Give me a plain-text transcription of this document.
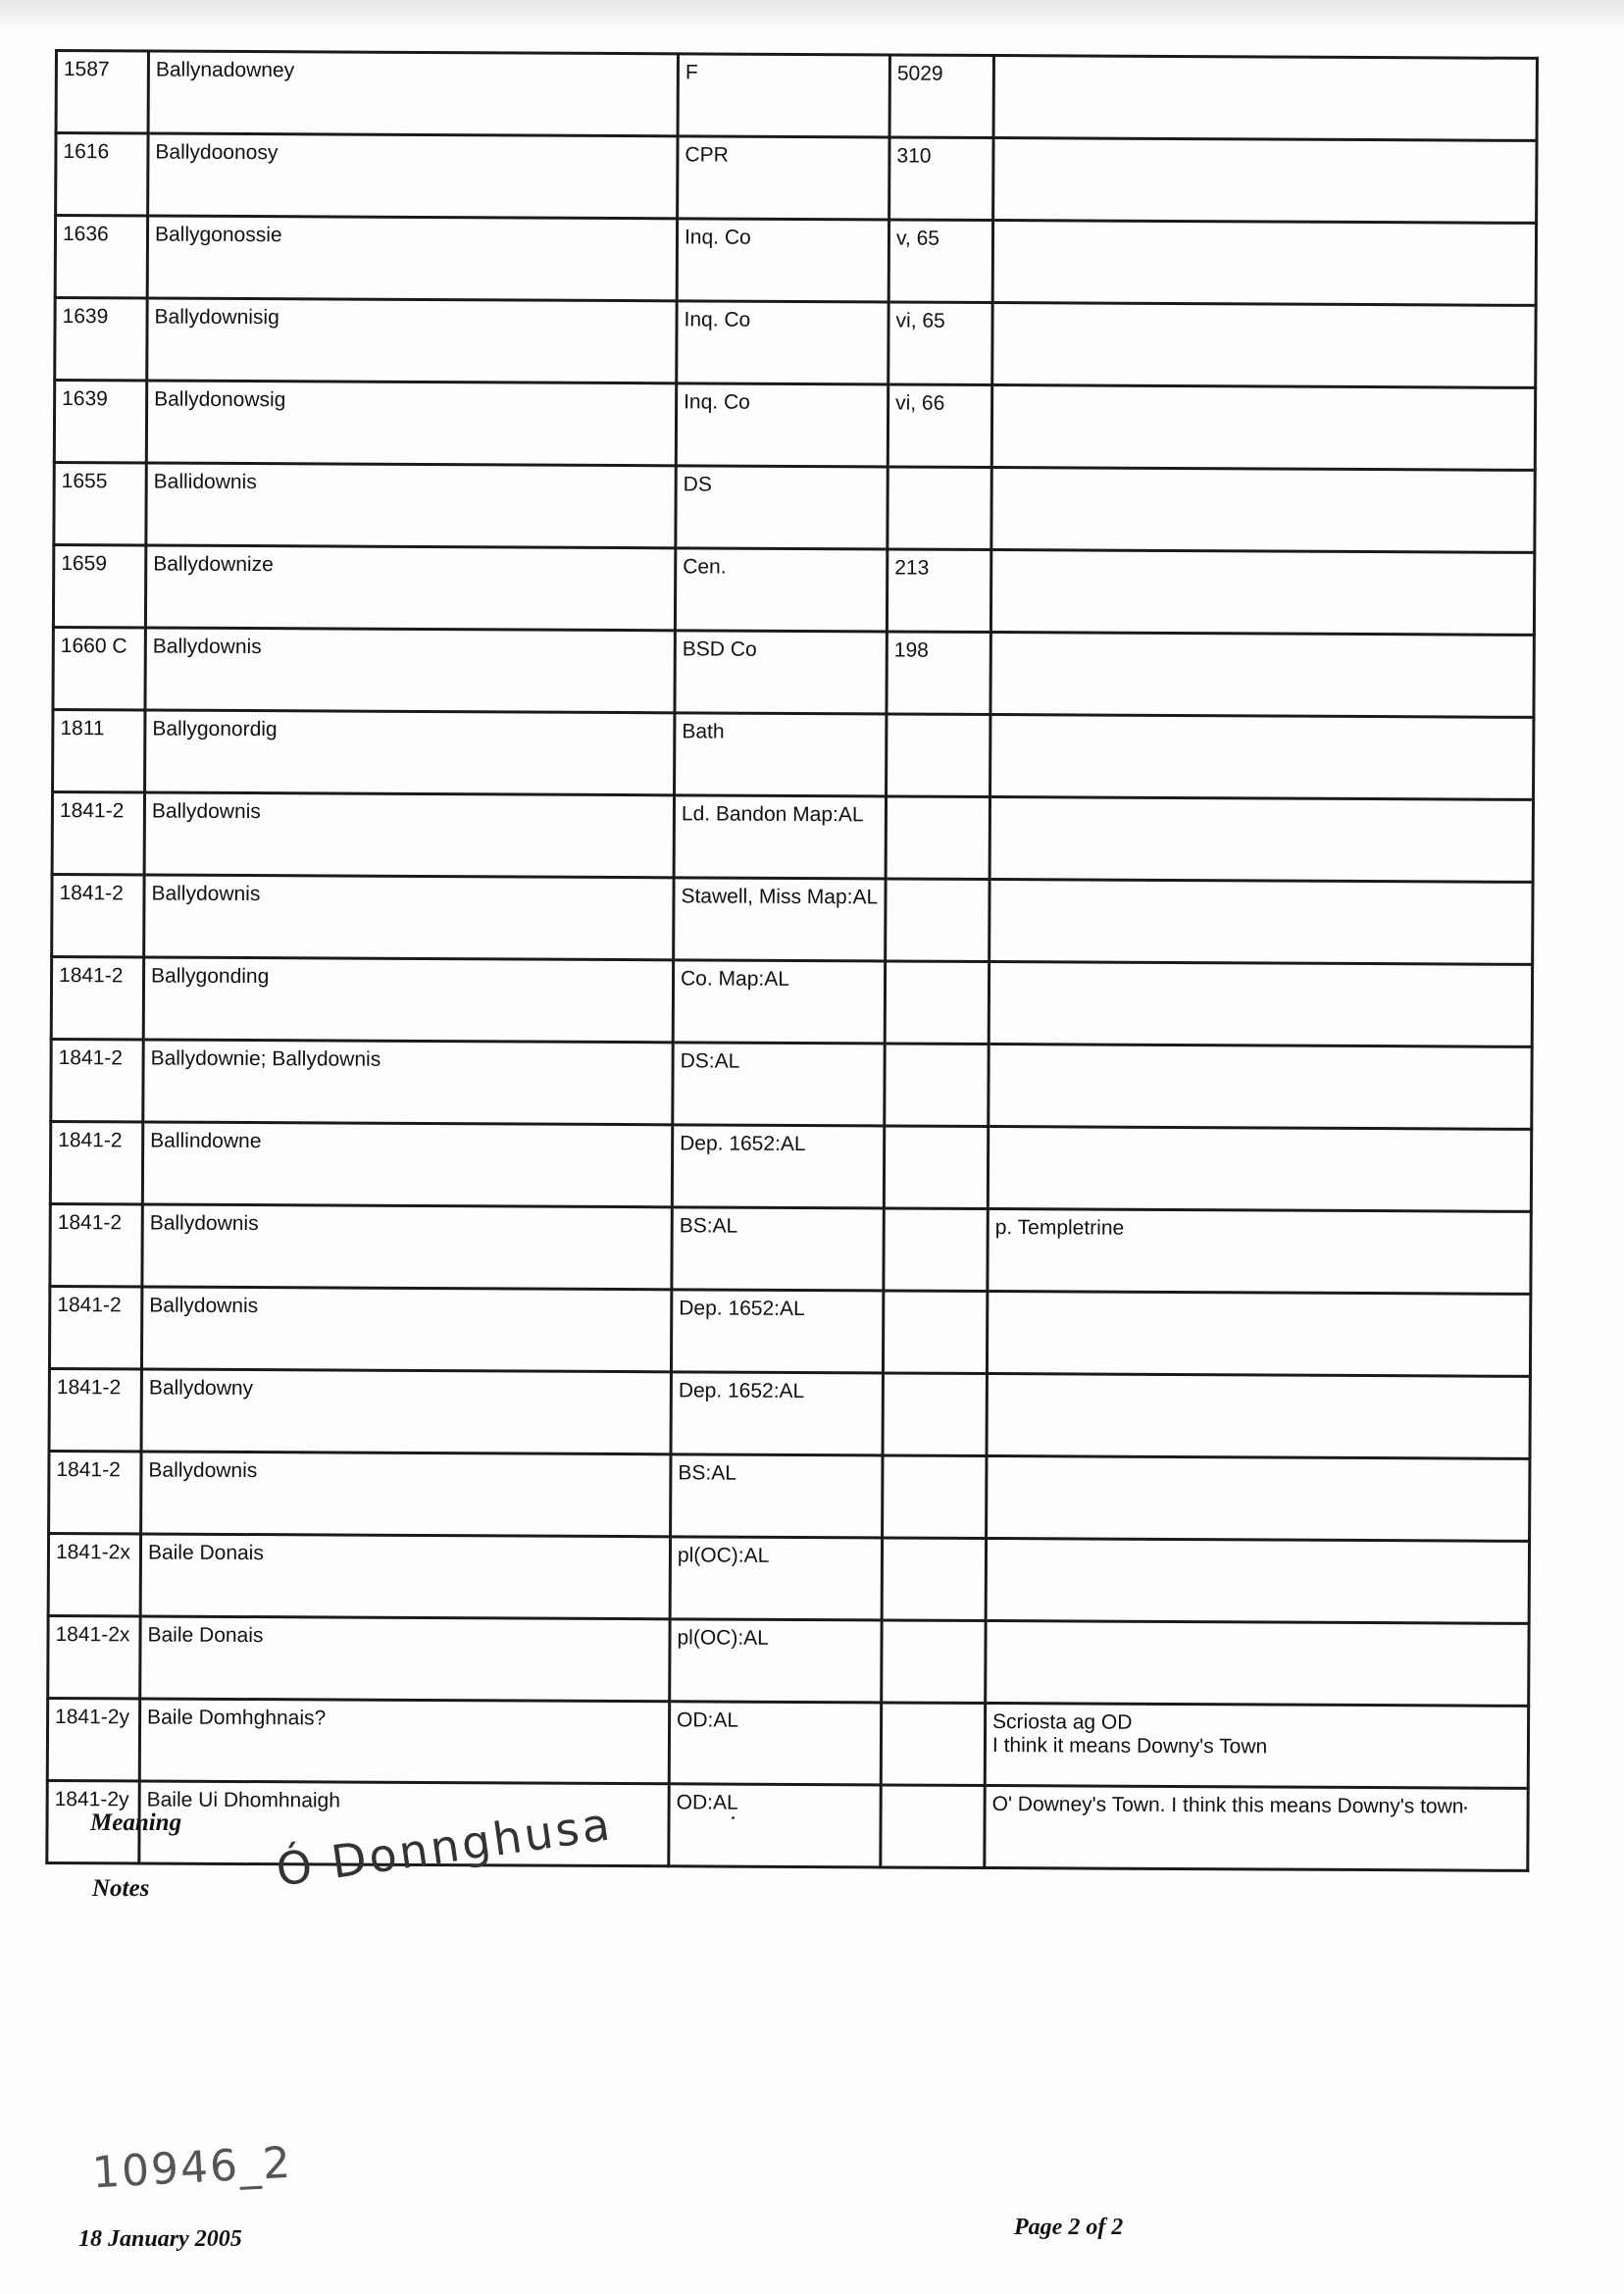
1587	Ballynadowney	F	5029	
1616	Ballydoonosy	CPR	310	
1636	Ballygonossie	Inq. Co	v, 65	
1639	Ballydownisig	Inq. Co	vi, 65	
1639	Ballydonowsig	Inq. Co	vi, 66	
1655	Ballidownis	DS		
1659	Ballydownize	Cen.	213	
1660 C	Ballydownis	BSD Co	198	
1811	Ballygonordig	Bath		
1841-2	Ballydownis	Ld. Bandon Map:AL		
1841-2	Ballydownis	Stawell, Miss Map:AL		
1841-2	Ballygonding	Co. Map:AL		
1841-2	Ballydownie; Ballydownis	DS:AL		
1841-2	Ballindowne	Dep. 1652:AL		
1841-2	Ballydownis	BS:AL		p. Templetrine
1841-2	Ballydownis	Dep. 1652:AL		
1841-2	Ballydowny	Dep. 1652:AL		
1841-2	Ballydownis	BS:AL		
1841-2x	Baile Donais	pl(OC):AL		
1841-2x	Baile Donais	pl(OC):AL		
1841-2y	Baile Domhghnais?	OD:AL		Scriosta ag OD
I think it means Downy's Town
1841-2y	Baile Ui Dhomhnaigh	OD:AL		O' Downey's Town. I think this means Downy's town
Meaning
Notes	Ó Donnghusa
10946_2
18 January 2005	Page 2 of 2
